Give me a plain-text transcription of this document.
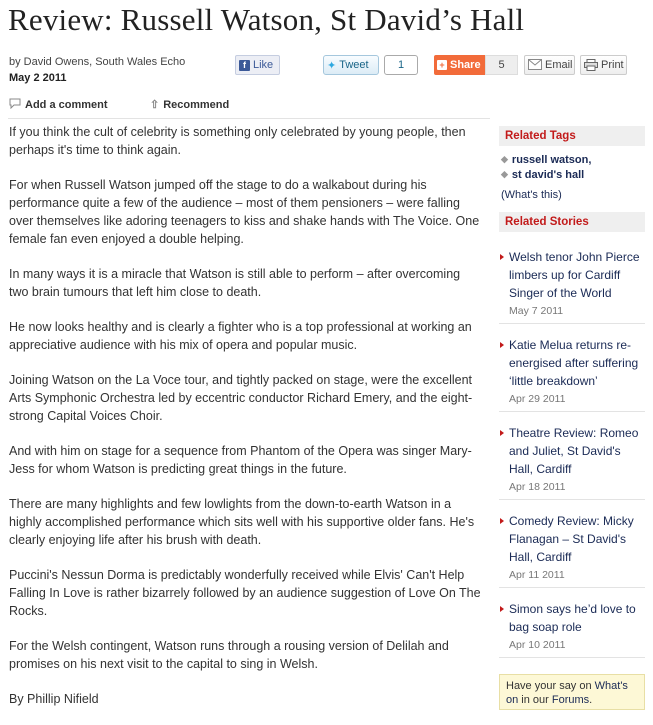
Review: Russell Watson, St David’s Hall
by David Owens, South Wales Echo
May 2 2011
f Like	✦ Tweet	1	+ Share	5	Email	Print
Add a comment	⇧ Recommend

If you think the cult of celebrity is something only celebrated by young people, then perhaps it's time to think again.

For when Russell Watson jumped off the stage to do a walkabout during his performance quite a few of the audience – most of them pensioners – were falling over themselves like adoring teenagers to kiss and shake hands with The Voice. One female fan even enjoyed a double helping.

In many ways it is a miracle that Watson is still able to perform – after overcoming two brain tumours that left him close to death.

He now looks healthy and is clearly a fighter who is a top professional at working an appreciative audience with his mix of opera and popular music.

Joining Watson on the La Voce tour, and tightly packed on stage, were the excellent Arts Symphonic Orchestra led by eccentric conductor Richard Emery, and the eight-strong Capital Voices Choir.

And with him on stage for a sequence from Phantom of the Opera was singer Mary-Jess for whom Watson is predicting great things in the future.

There are many highlights and few lowlights from the down-to-earth Watson in a highly accomplished performance which sits well with his supportive older fans. He's clearly enjoying life after his brush with death.

Puccini's Nessun Dorma is predictably wonderfully received while Elvis' Can't Help Falling In Love is rather bizarrely followed by an audience suggestion of Love On The Rocks.

For the Welsh contingent, Watson runs through a rousing version of Delilah and promises on his next visit to the capital to sing in Welsh.

By Phillip Nifield

Related Tags
◆ russell watson,
◆ st david's hall
(What's this)
Related Stories
Welsh tenor John Pierce limbers up for Cardiff Singer of the World
May 7 2011
Katie Melua returns re-energised after suffering ‘little breakdown’
Apr 29 2011
Theatre Review: Romeo and Juliet, St David's Hall, Cardiff
Apr 18 2011
Comedy Review: Micky Flanagan – St David's Hall, Cardiff
Apr 11 2011
Simon says he’d love to bag soap role
Apr 10 2011
Have your say on What's on in our Forums.
